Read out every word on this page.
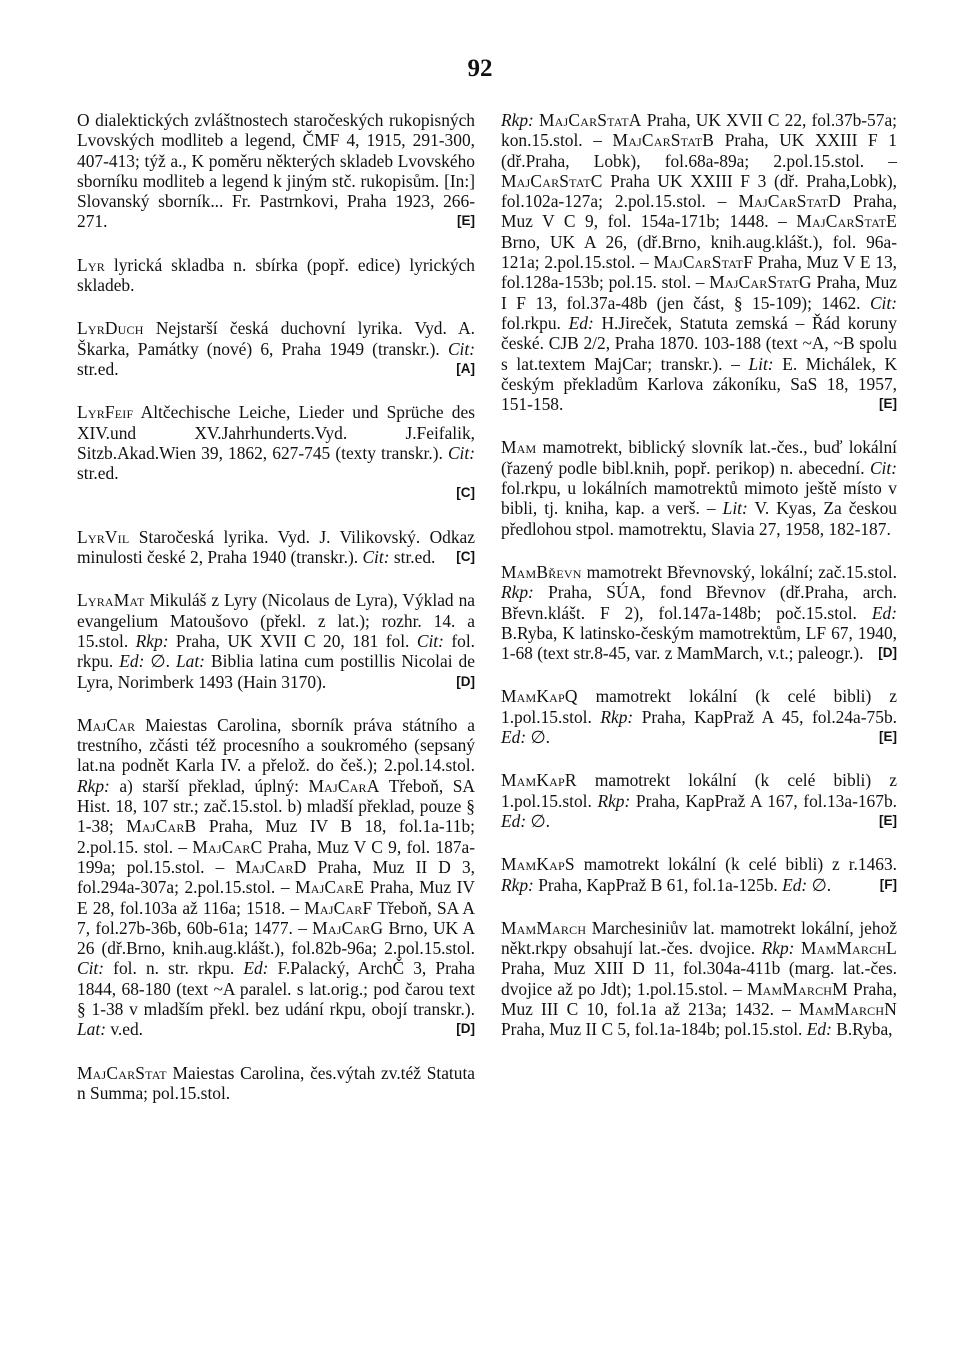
92

O dialektických zvláštnostech staročeských rukopisných Lvovských modliteb a legend, ČMF 4, 1915, 291-300, 407-413; týž a., K poměru některých skladeb Lvovského sborníku modliteb a legend k jiným stč. rukopisům. [In:] Slovanský sborník... Fr. Pastrnkovi, Praha 1923, 266-271.	[E]

Lyr lyrická skladba n. sbírka (popř. edice) lyrických skladeb.

LyrDuch Nejstarší česká duchovní lyrika. Vyd. A. Škarka, Památky (nové) 6, Praha 1949 (transkr.). Cit: str.ed.	[A]

LyrFeif Altčechische Leiche, Lieder und Sprüche des XIV.und XV.Jahrhunderts.Vyd. J.Feifalik, Sitzb.Akad.Wien 39, 1862, 627-745 (texty transkr.). Cit: str.ed.
[C]

LyrVil Staročeská lyrika. Vyd. J. Vilikovský. Odkaz minulosti české 2, Praha 1940 (transkr.). Cit: str.ed. [C]

LyraMat Mikuláš z Lyry (Nicolaus de Lyra), Výklad na evangelium Matoušovo (překl. z lat.); rozhr. 14. a 15.stol. Rkp: Praha, UK XVII C 20, 181 fol. Cit: fol. rkpu. Ed: ∅. Lat: Biblia latina cum postillis Nicolai de Lyra, Norimberk 1493 (Hain 3170).	[D]

MajCar Maiestas Carolina, sborník práva státního a trestního, zčásti též procesního a soukromého (sepsaný lat.na podnět Karla IV. a přelož. do češ.); 2.pol.14.stol. Rkp: a) starší překlad, úplný: MajCarA Třeboň, SA Hist. 18, 107 str.; zač.15.stol. b) mladší překlad, pouze § 1-38; MajCarB Praha, Muz IV B 18, fol.1a-11b; 2.pol.15. stol. – MajCarC Praha, Muz V C 9, fol. 187a-199a; pol.15.stol. – MajCarD Praha, Muz II D 3, fol.294a-307a; 2.pol.15.stol. – MajCarE Praha, Muz IV E 28, fol.103a až 116a; 1518. – MajCarF Třeboň, SA A 7, fol.27b-36b, 60b-61a; 1477. – MajCarG Brno, UK A 26 (dř.Brno, knih.aug.klášt.), fol.82b-96a; 2.pol.15.stol. Cit: fol. n. str. rkpu. Ed: F.Palacký, ArchČ 3, Praha 1844, 68-180 (text ~A paralel. s lat.orig.; pod čarou text § 1-38 v mladším překl. bez udání rkpu, obojí transkr.). Lat: v.ed.	[D]

MajCarStat Maiestas Carolina, čes.výtah zv.též Statuta n Summa; pol.15.stol.

Rkp: MajCarStatA Praha, UK XVII C 22, fol.37b-57a; kon.15.stol. – MajCarStatB Praha, UK XXIII F 1 (dř.Praha, Lobk), fol.68a-89a; 2.pol.15.stol. – MajCarStatC Praha UK XXIII F 3 (dř. Praha,Lobk), fol.102a-127a; 2.pol.15.stol. – MajCarStatD Praha, Muz V C 9, fol. 154a-171b; 1448. – MajCarStatE Brno, UK A 26, (dř.Brno, knih.aug.klášt.), fol. 96a-121a; 2.pol.15.stol. – MajCarStatF Praha, Muz V E 13, fol.128a-153b; pol.15. stol. – MajCarStatG Praha, Muz I F 13, fol.37a-48b (jen část, § 15-109); 1462. Cit: fol.rkpu. Ed: H.Jireček, Statuta zemská – Řád koruny české. CJB 2/2, Praha 1870. 103-188 (text ~A, ~B spolu s lat.textem MajCar; transkr.). – Lit: E. Michálek, K českým překladům Karlova zákoníku, SaS 18, 1957, 151-158.	[E]

Mam mamotrekt, biblický slovník lat.-čes., buď lokální (řazený podle bibl.knih, popř. perikop) n. abecední. Cit: fol.rkpu, u lokálních mamotrektů mimoto ještě místo v bibli, tj. kniha, kap. a verš. – Lit: V. Kyas, Za českou předlohou stpol. mamotrektu, Slavia 27, 1958, 182-187.

MamBřevn mamotrekt Břevnovský, lokální; zač.15.stol. Rkp: Praha, SÚA, fond Břevnov (dř.Praha, arch. Břevn.klášt. F 2), fol.147a-148b; poč.15.stol. Ed: B.Ryba, K latinsko-českým mamotrektům, LF 67, 1940, 1-68 (text str.8-45, var. z MamMarch, v.t.; paleogr.). [D]

MamKapQ mamotrekt lokální (k celé bibli) z 1.pol.15.stol. Rkp: Praha, KapPraž A 45, fol.24a-75b. Ed: ∅.	[E]

MamKapR mamotrekt lokální (k celé bibli) z 1.pol.15.stol. Rkp: Praha, KapPraž A 167, fol.13a-167b. Ed: ∅.	[E]

MamKapS mamotrekt lokální (k celé bibli) z r.1463. Rkp: Praha, KapPraž B 61, fol.1a-125b. Ed: ∅.	[F]

MamMarch Marchesiniův lat. mamotrekt lokální, jehož někt.rkpy obsahují lat.-čes. dvojice. Rkp: MamMarchL Praha, Muz XIII D 11, fol.304a-411b (marg. lat.-čes. dvojice až po Jdt); 1.pol.15.stol. – MamMarchM Praha, Muz III C 10, fol.1a až 213a; 1432. – MamMarchN Praha, Muz II C 5, fol.1a-184b; pol.15.stol. Ed: B.Ryba,
